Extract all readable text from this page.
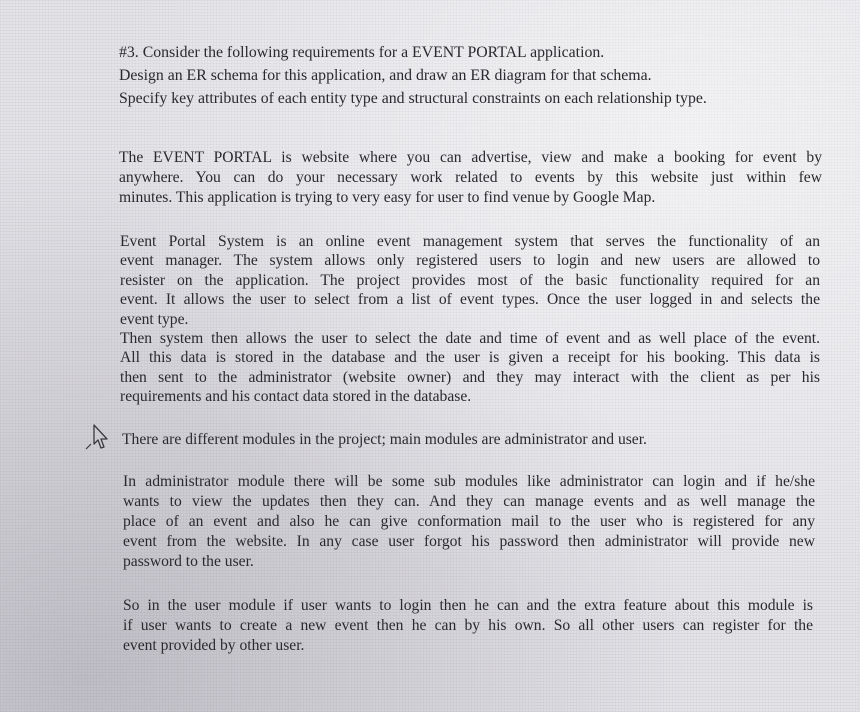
#3. Consider the following requirements for a EVENT PORTAL application.
Design an ER schema for this application, and draw an ER diagram for that schema.
Specify key attributes of each entity type and structural constraints on each relationship type.
The EVENT PORTAL is website where you can advertise, view and make a booking for event by
anywhere. You can do your necessary work related to events by this website just within few
minutes. This application is trying to very easy for user to find venue by Google Map.
Event Portal System is an online event management system that serves the functionality of an
event manager. The system allows only registered users to login and new users are allowed to
resister on the application. The project provides most of the basic functionality required for an
event. It allows the user to select from a list of event types. Once the user logged in and selects the
event type.
Then system then allows the user to select the date and time of event and as well place of the event.
All this data is stored in the database and the user is given a receipt for his booking. This data is
then sent to the administrator (website owner) and they may interact with the client as per his
requirements and his contact data stored in the database.
There are different modules in the project; main modules are administrator and user.
In administrator module there will be some sub modules like administrator can login and if he/she
wants to view the updates then they can. And they can manage events and as well manage the
place of an event and also he can give conformation mail to the user who is registered for any
event from the website. In any case user forgot his password then administrator will provide new
password to the user.
So in the user module if user wants to login then he can and the extra feature about this module is
if user wants to create a new event then he can by his own. So all other users can register for the
event provided by other user.
